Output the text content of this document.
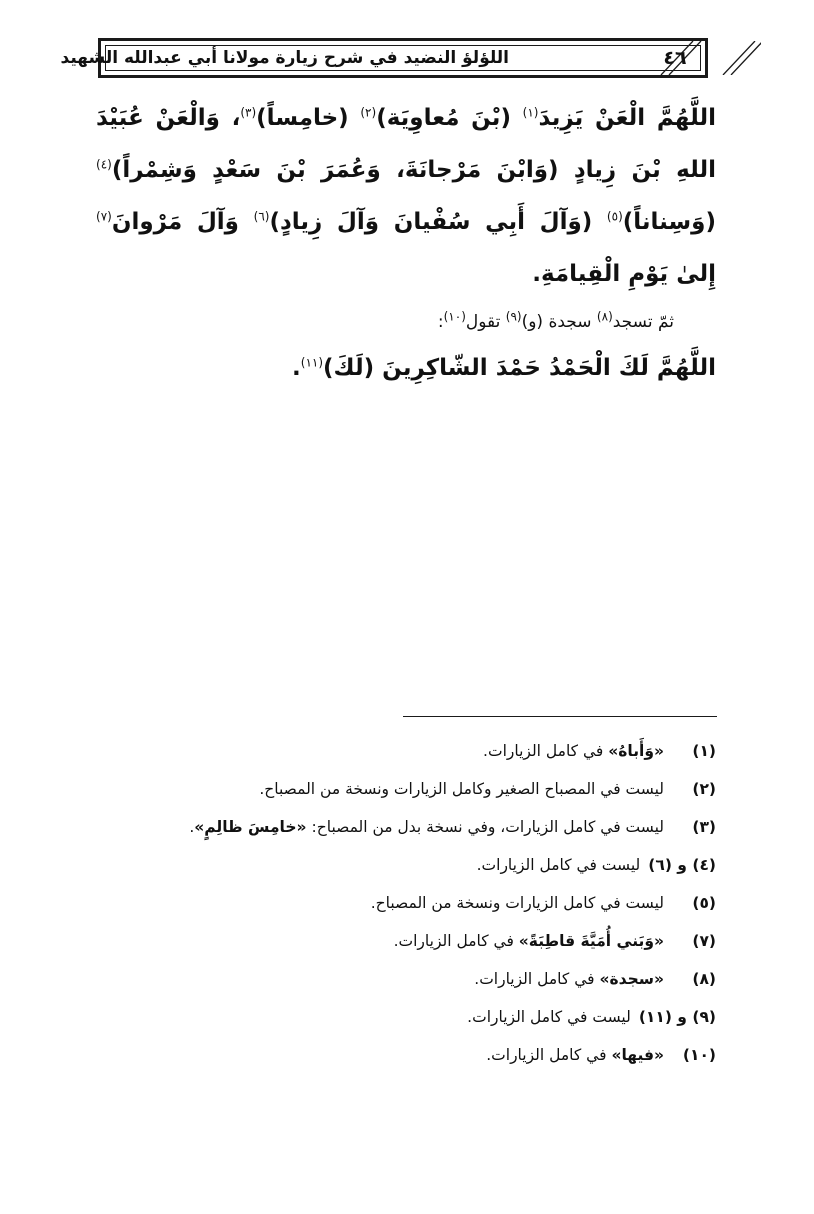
اللؤلؤ النضيد في شرح زيارة مولانا أبي عبدالله الشهيد	٤٦

اللَّهُمَّ الْعَنْ يَزِيدَ$^{(١)}$ (بْنَ مُعاوِيَة)$^{(٢)}$ (خامِساً)$^{(٣)}$، وَالْعَنْ عُبَيْدَ اللهِ بْنَ زِيادٍ (وَابْنَ مَرْجانَةَ، وَعُمَرَ بْنَ سَعْدٍ وَشِمْراً)$^{(٤)}$ (وَسِناناً)$^{(٥)}$ (وَآلَ أَبِي سُفْيانَ وَآلَ زِيادٍ)$^{(٦)}$ وَآلَ مَرْوانَ$^{(٧)}$ إِلىٰ يَوْمِ الْقِيامَةِ.

ثمّ تسجد$^{(٨)}$ سجدة (و)$^{(٩)}$ تقول$^{(١٠)}$:

اللَّهُمَّ لَكَ الْحَمْدُ حَمْدَ الشّاكِرِينَ (لَكَ)$^{(١١)}$.

(١)«وَأَباهُ» في كامل الزيارات.
(٢)ليست في المصباح الصغير وكامل الزيارات ونسخة من المصباح.
(٣)ليست في كامل الزيارات، وفي نسخة بدل من المصباح: «خامِسَ ظالِمٍ».
(٤) و (٦)ليست في كامل الزيارات.
(٥)ليست في كامل الزيارات ونسخة من المصباح.
(٧)«وَبَني أُمَيَّةَ قاطِبَةً» في كامل الزيارات.
(٨)«سجدة» في كامل الزيارات.
(٩) و (١١)ليست في كامل الزيارات.
(١٠)«فيها» في كامل الزيارات.
